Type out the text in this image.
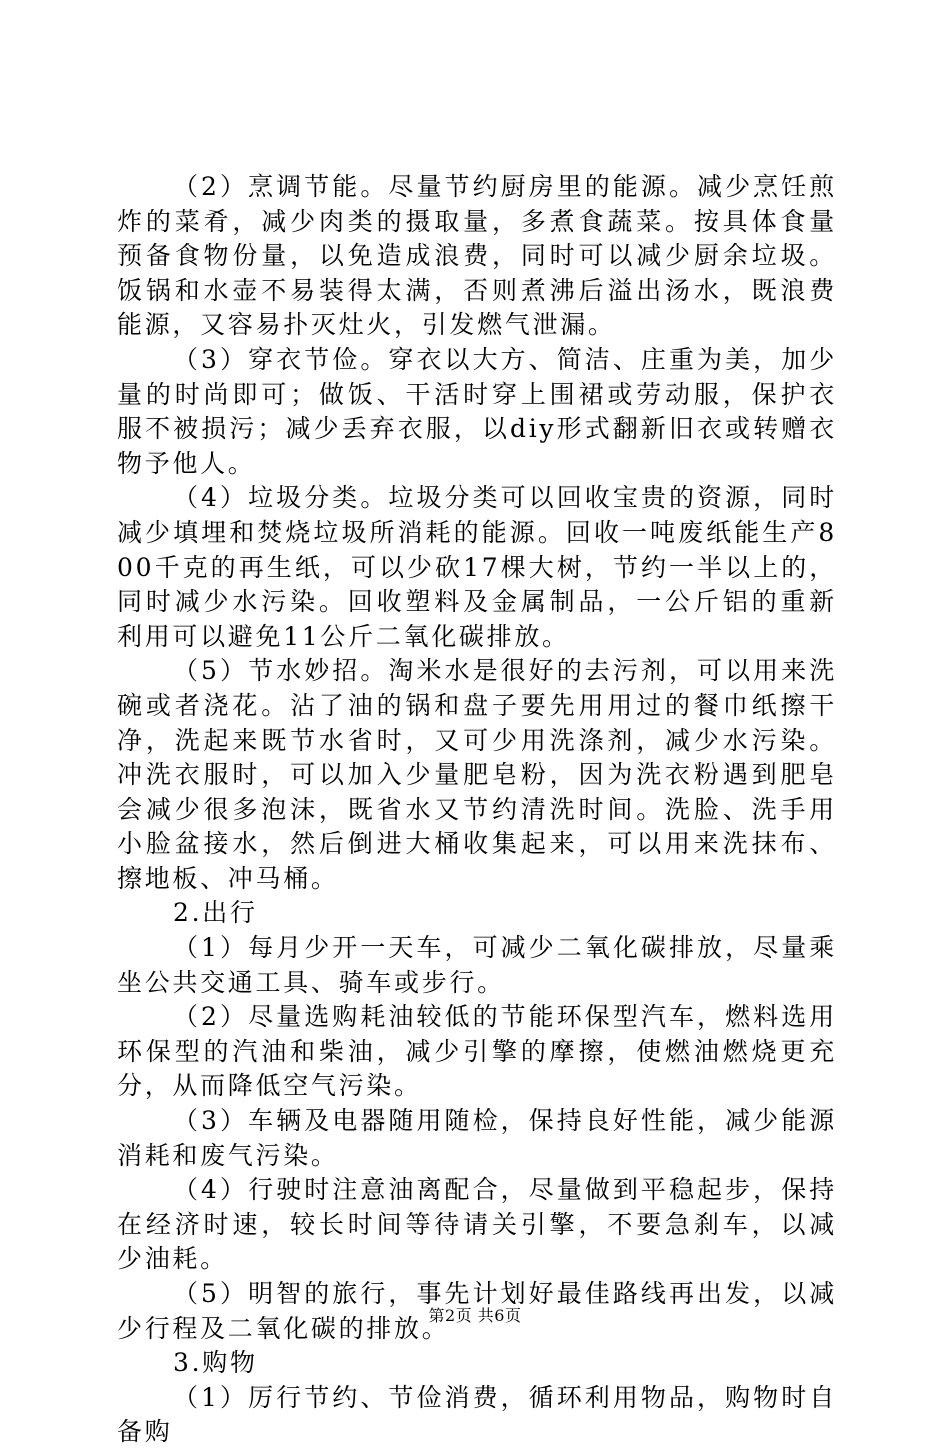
（2）烹调节能。尽量节约厨房里的能源。减少烹饪煎炸的菜肴，减少肉类的摄取量，多煮食蔬菜。按具体食量预备食物份量，以免造成浪费，同时可以减少厨余垃圾。饭锅和水壶不易装得太满，否则煮沸后溢出汤水，既浪费能源，又容易扑灭灶火，引发燃气泄漏。

（3）穿衣节俭。穿衣以大方、简洁、庄重为美，加少量的时尚即可；做饭、干活时穿上围裙或劳动服，保护衣服不被损污；减少丢弃衣服，以diy形式翻新旧衣或转赠衣物予他人。

（4）垃圾分类。垃圾分类可以回收宝贵的资源，同时减少填埋和焚烧垃圾所消耗的能源。回收一吨废纸能生产800千克的再生纸，可以少砍17棵大树，节约一半以上的，同时减少水污染。回收塑料及金属制品，一公斤铝的重新利用可以避免11公斤二氧化碳排放。

（5）节水妙招。淘米水是很好的去污剂，可以用来洗碗或者浇花。沾了油的锅和盘子要先用用过的餐巾纸擦干净，洗起来既节水省时，又可少用洗涤剂，减少水污染。冲洗衣服时，可以加入少量肥皂粉，因为洗衣粉遇到肥皂会减少很多泡沫，既省水又节约清洗时间。洗脸、洗手用小脸盆接水，然后倒进大桶收集起来，可以用来洗抹布、擦地板、冲马桶。

2.出行

（1）每月少开一天车，可减少二氧化碳排放，尽量乘坐公共交通工具、骑车或步行。

（2）尽量选购耗油较低的节能环保型汽车，燃料选用环保型的汽油和柴油，减少引擎的摩擦，使燃油燃烧更充分，从而降低空气污染。

（3）车辆及电器随用随检，保持良好性能，减少能源消耗和废气污染。

（4）行驶时注意油离配合，尽量做到平稳起步，保持在经济时速，较长时间等待请关引擎，不要急刹车，以减少油耗。

（5）明智的旅行，事先计划好最佳路线再出发，以减少行程及二氧化碳的排放。

3.购物

（1）厉行节约、节俭消费，循环利用物品，购物时自备购

第2页 共6页
